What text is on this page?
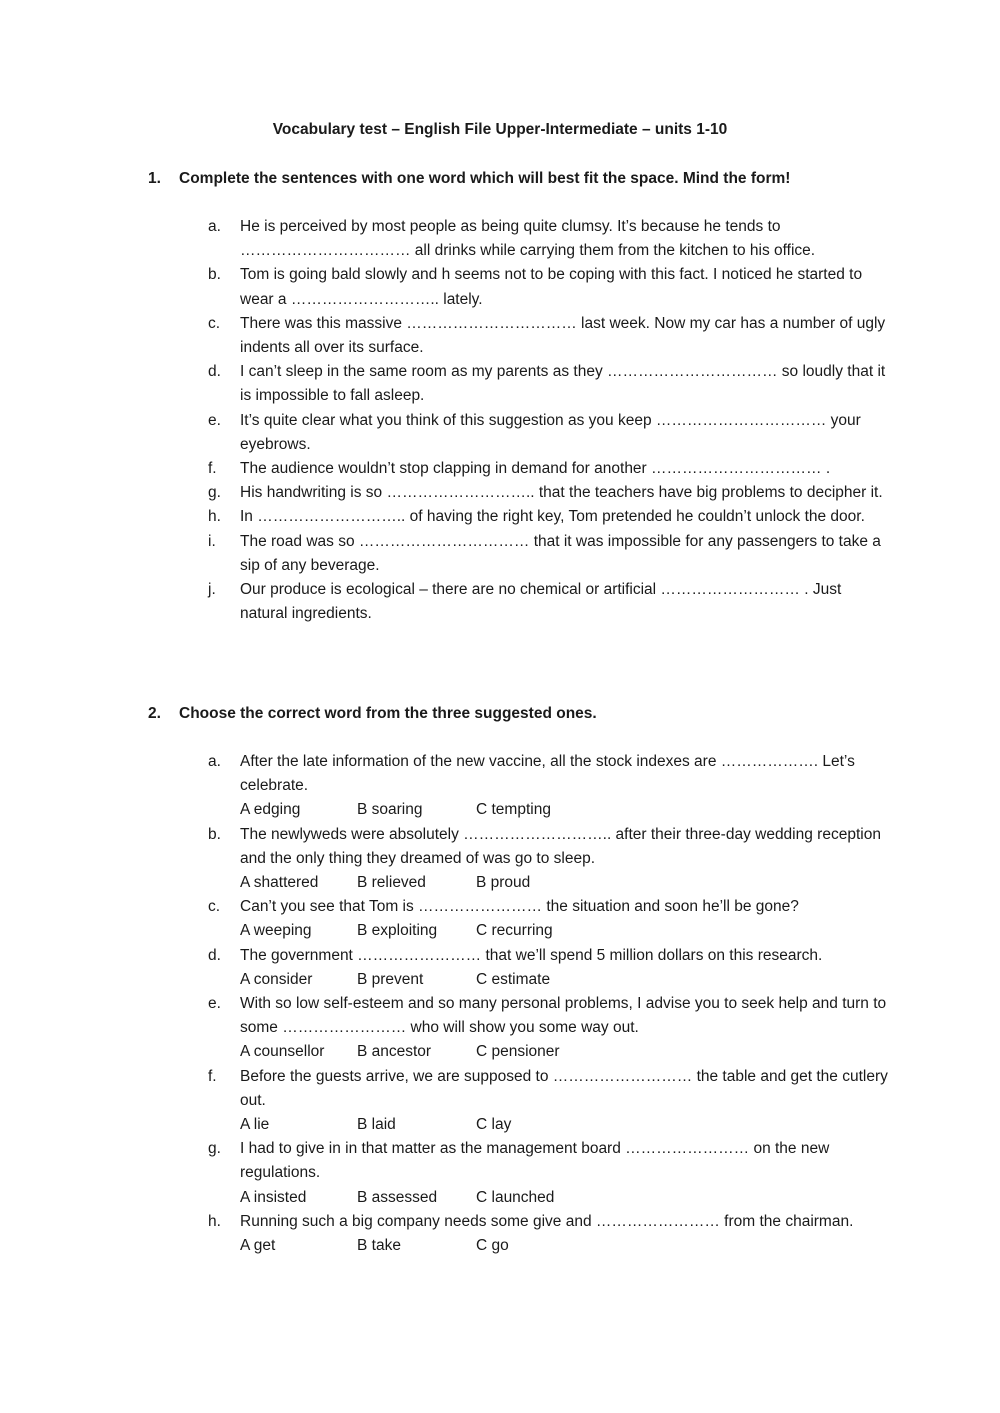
Vocabulary test – English File Upper-Intermediate – units 1-10
1. Complete the sentences with one word which will best fit the space. Mind the form!
a.	He is perceived by most people as being quite clumsy. It’s because he tends to …………………………… all drinks while carrying them from the kitchen to his office.
b.	Tom is going bald slowly and h seems not to be coping with this fact. I noticed he started to wear a ……………………….. lately.
c.	There was this massive …………………………… last week. Now my car has a number of ugly indents all over its surface.
d.	I can’t sleep in the same room as my parents as they …………………………… so loudly that it is impossible to fall asleep.
e.	It’s quite clear what you think of this suggestion as you keep …………………………… your eyebrows.
f.	The audience wouldn’t stop clapping in demand for another …………………………… .
g.	His handwriting is so ……………………….. that the teachers have big problems to decipher it.
h.	In ……………………….. of having the right key, Tom pretended he couldn’t unlock the door.
i.	The road was so …………………………… that it was impossible for any passengers to take a sip of any beverage.
j.	Our produce is ecological – there are no chemical or artificial ……………………… . Just natural ingredients.
2. Choose the correct word from the three suggested ones.
a.	After the late information of the new vaccine, all the stock indexes are ………………. Let’s celebrate.
A edging	B soaring	C tempting
b.	The newlyweds were absolutely ……………………….. after their three-day wedding reception and the only thing they dreamed of was go to sleep.
A shattered B relieved	B proud
c.	Can’t you see that Tom is …………………… the situation and soon he’ll be gone?
A weeping	B exploiting	C recurring
d.	The government …………………… that we’ll spend 5 million dollars on this research.
A consider	B prevent	C estimate
e.	With so low self-esteem and so many personal problems, I advise you to seek help and turn to some …………………… who will show you some way out.
A counsellor B ancestor	C pensioner
f.	Before the guests arrive, we are supposed to ……………………… the table and get the cutlery out.
A lie	B laid	C lay
g.	I had to give in in that matter as the management board …………………… on the new regulations.
A insisted	B assessed	C launched
h.	Running such a big company needs some give and …………………… from the chairman.
A get	B take	C go
